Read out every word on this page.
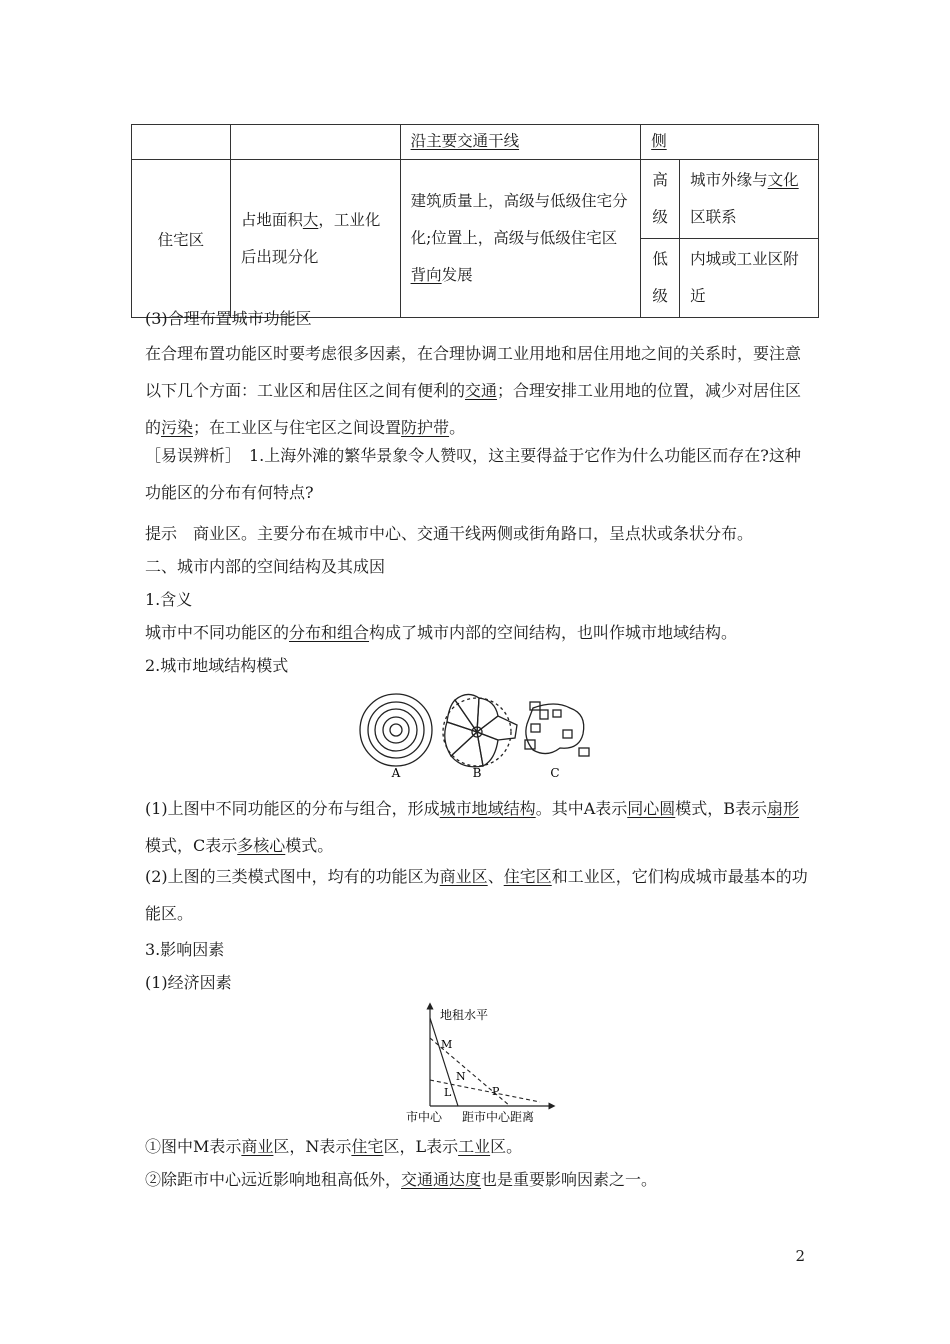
		沿主要交通干线	侧	

住宅区	占地面积大，工业化后出现分化	建筑质量上，高级与低级住宅分化;位置上，高级与低级住宅区背向发展	高级	城市外缘与文化区联系

			低级	内城或工业区附近
(3)合理布置城市功能区
在合理布置功能区时要考虑很多因素，在合理协调工业用地和居住用地之间的关系时，要注意以下几个方面：工业区和居住区之间有便利的交通；合理安排工业用地的位置，减少对居住区的污染；在工业区与住宅区之间设置防护带。
［易误辨析］　1.上海外滩的繁华景象令人赞叹，这主要得益于它作为什么功能区而存在?这种功能区的分布有何特点?
提示　商业区。主要分布在城市中心、交通干线两侧或街角路口，呈点状或条状分布。
二、城市内部的空间结构及其成因
1.含义
城市中不同功能区的分布和组合构成了城市内部的空间结构，也叫作城市地域结构。
2.城市地域结构模式
A	B	C
(1)上图中不同功能区的分布与组合，形成城市地域结构。其中A表示同心圆模式，B表示扇形模式，C表示多核心模式。
(2)上图的三类模式图中，均有的功能区为商业区、住宅区和工业区，它们构成城市最基本的功能区。
3.影响因素
(1)经济因素
地租水平
M
N
L	P
市中心 距市中心距离
①图中M表示商业区，N表示住宅区，L表示工业区。
②除距市中心远近影响地租高低外，交通通达度也是重要影响因素之一。
2
